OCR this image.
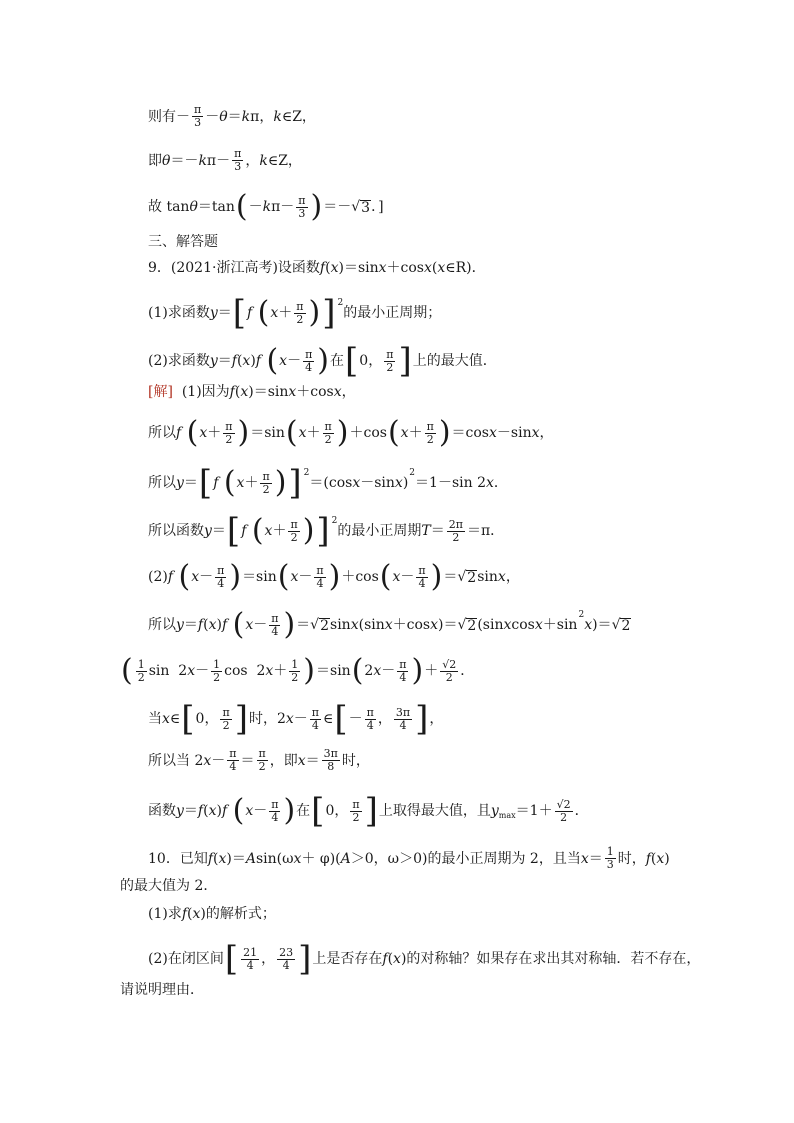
则有－ $\frac{\pi}{3} - \theta = k$ π， k ∈Z，
即 θ ＝－ k $\pi- \frac{\pi}{3}$ ， k ∈Z，
故 tan θ ＝tan ( － k $\pi- \frac{\pi}{3}$ ) ＝－ √ 3 ．]
三、解答题
9．(2021·浙江高考)设函数 f ( x )＝sin x ＋cos x ( x ∈R)．
(1)求函数 y ＝ [ f
( $x + \frac{\pi}{2}$ ) ] 2
的最小正周期；
(2)求函数 y ＝ f ( x ) f
( $x - \frac{\pi}{4}$ ) 在 [ 0， $\frac{\pi}{2}$ ] 上的最大值．
[解] (1)因为 f ( x )＝sin x ＋cos x ，
所以 f
( $x + \frac{\pi}{2}$ ) ＝sin ( $x + \frac{\pi}{2}$ ) ＋cos ( $x + \frac{\pi}{2}$ ) ＝cos x －sin x ，
所以 y ＝ [ f
( $x + \frac{\pi}{2}$ ) ] 2
＝(cos x －sin x )
2
＝1－sin 2 x ．
所以函数 y ＝ [ f
( $x + \frac{\pi}{2}$ ) ] 2
的最小正周期 $T = \frac{2\pi}{2} =\pi$．
(2) f
( $x - \frac{\pi}{4}$ ) ＝sin ( $x - \frac{\pi}{4}$ ) ＋cos ( $x - \frac{\pi}{4}$ ) ＝ √ 2 sin x ，
所以 y ＝ f ( x ) f
( $x - \frac{\pi}{4}$ ) ＝ √ 2 sin x (sin x ＋cos x )＝ √ 2 (sin x cos x ＋sin
2
x )＝ √ 2
( $\frac{1}{2}$ sin  2 $x - \frac{1}{2}$ cos  2 $x + \frac{1}{2}$ ) ＝sin ( 2 $x - \frac{\pi}{4}$ ) ＋ $\frac{√2}{2}$ ．
当 x ∈ [ 0， $\frac{\pi}{2}$ ] 时，2 $x - \frac{\pi}{4}$ ∈ [ － $\frac{\pi}{4}$ ， $\frac{3\pi}{4}$ ] ，
所以当 2 $x - \frac{\pi}{4} = \frac{\pi}{2}$ ，即 $x = \frac{3\pi}{8}$ 时，
函数 y ＝ f ( x ) f
( $x - \frac{\pi}{4}$ ) 在 [ 0， $\frac{\pi}{2}$ ] 上取得最大值，且 y $\max =1+ \frac{√2}{2}$ ．
10．已知 f ( x )＝ A sin(ω x ＋ φ)( A ＞0，ω＞0)的最小正周期为 2，且当 $x = \frac{1}{3}$ 时， f ( x )
的最大值为 2．
(1)求 f ( x )的解析式；
(2)在闭区间 [ $\frac{21}{4}$ ， $\frac{23}{4}$ ] 上是否存在 f ( x )的对称轴？如果存在求出其对称轴．若不存在，
请说明理由．
